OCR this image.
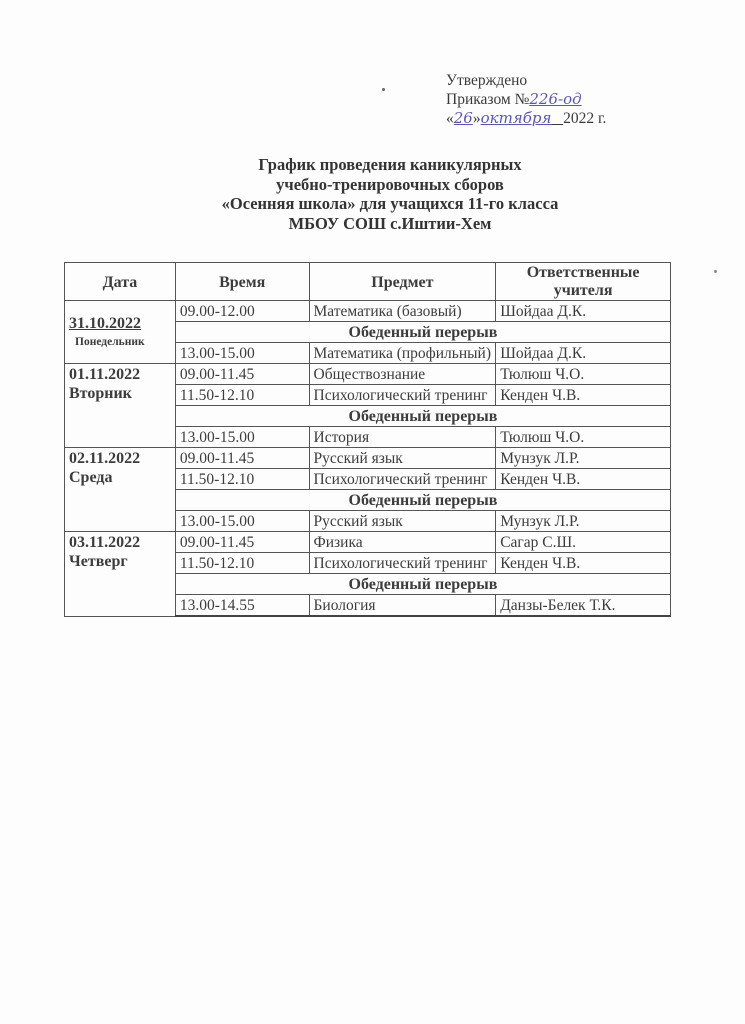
Утверждено
Приказом №226-од
«26»октября 2022 г.
График проведения каникулярных
учебно-тренировочных сборов
«Осенняя школа» для учащихся 11-го класса
МБОУ СОШ с.Иштии-Хем
Дата	Время	Предмет	Ответственные учителя
31.10.2022
Понедельник	09.00-12.00	Математика (базовый)	Шойдаа Д.К.
	Обеденный перерыв		
	13.00-15.00	Математика (профильный)	Шойдаа Д.К.
01.11.2022
Вторник	09.00-11.45	Обществознание	Тюлюш Ч.О.
	11.50-12.10	Психологический тренинг	Кенден Ч.В.
	Обеденный перерыв		
	13.00-15.00	История	Тюлюш Ч.О.
02.11.2022
Среда	09.00-11.45	Русский язык	Мунзук Л.Р.
	11.50-12.10	Психологический тренинг	Кенден Ч.В.
	Обеденный перерыв		
	13.00-15.00	Русский язык	Мунзук Л.Р.
03.11.2022
Четверг	09.00-11.45	Физика	Сагар С.Ш.
	11.50-12.10	Психологический тренинг	Кенден Ч.В.
	Обеденный перерыв		
	13.00-14.55	Биология	Данзы-Белек Т.К.
